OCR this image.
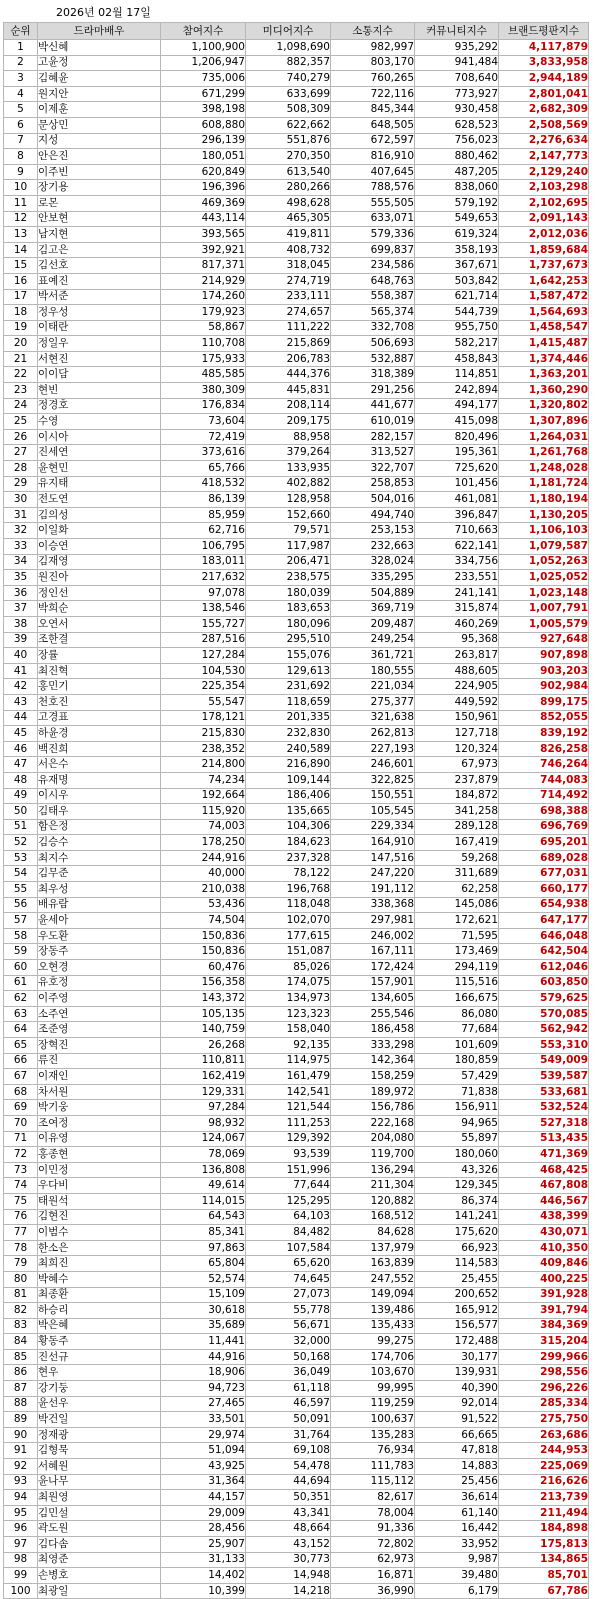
2026년 02월 17일
순위	드라마배우	참여지수	미디어지수	소통지수	커뮤니티지수	브랜드평판지수
1	박신혜	1,100,900	1,098,690	982,997	935,292	4,117,879
2	고윤정	1,206,947	882,357	803,170	941,484	3,833,958
3	김혜윤	735,006	740,279	760,265	708,640	2,944,189
4	원지안	671,299	633,699	722,116	773,927	2,801,041
5	이제훈	398,198	508,309	845,344	930,458	2,682,309
6	문상민	608,880	622,662	648,505	628,523	2,508,569
7	지성	296,139	551,876	672,597	756,023	2,276,634
8	안은진	180,051	270,350	816,910	880,462	2,147,773
9	이주빈	620,849	613,540	407,645	487,205	2,129,240
10	장기용	196,396	280,266	788,576	838,060	2,103,298
11	로몬	469,369	498,628	555,505	579,192	2,102,695
12	안보현	443,114	465,305	633,071	549,653	2,091,143
13	남지현	393,565	419,811	579,336	619,324	2,012,036
14	김고은	392,921	408,732	699,837	358,193	1,859,684
15	김선호	817,371	318,045	234,586	367,671	1,737,673
16	표예진	214,929	274,719	648,763	503,842	1,642,253
17	박서준	174,260	233,111	558,387	621,714	1,587,472
18	정우성	179,923	274,657	565,374	544,739	1,564,693
19	이태란	58,867	111,222	332,708	955,750	1,458,547
20	정일우	110,708	215,869	506,693	582,217	1,415,487
21	서현진	175,933	206,783	532,887	458,843	1,374,446
22	이이담	485,585	444,376	318,389	114,851	1,363,201
23	현빈	380,309	445,831	291,256	242,894	1,360,290
24	정경호	176,834	208,114	441,677	494,177	1,320,802
25	수영	73,604	209,175	610,019	415,098	1,307,896
26	이시아	72,419	88,958	282,157	820,496	1,264,031
27	진세연	373,616	379,264	313,527	195,361	1,261,768
28	윤현민	65,766	133,935	322,707	725,620	1,248,028
29	유지태	418,532	402,882	258,853	101,456	1,181,724
30	전도연	86,139	128,958	504,016	461,081	1,180,194
31	김의성	85,959	152,660	494,740	396,847	1,130,205
32	이일화	62,716	79,571	253,153	710,663	1,106,103
33	이승연	106,795	117,987	232,663	622,141	1,079,587
34	김재영	183,011	206,471	328,024	334,756	1,052,263
35	원진아	217,632	238,575	335,295	233,551	1,025,052
36	정인선	97,078	180,039	504,889	241,141	1,023,148
37	박희순	138,546	183,653	369,719	315,874	1,007,791
38	오연서	155,727	180,096	209,487	460,269	1,005,579
39	조한결	287,516	295,510	249,254	95,368	927,648
40	장률	127,284	155,076	361,721	263,817	907,898
41	최진혁	104,530	129,613	180,555	488,605	903,203
42	홍민기	225,354	231,692	221,034	224,905	902,984
43	천호진	55,547	118,659	275,377	449,592	899,175
44	고경표	178,121	201,335	321,638	150,961	852,055
45	하윤경	215,830	232,830	262,813	127,718	839,192
46	백진희	238,352	240,589	227,193	120,324	826,258
47	서은수	214,800	216,890	246,601	67,973	746,264
48	유재명	74,234	109,144	322,825	237,879	744,083
49	이시우	192,664	186,406	150,551	184,872	714,492
50	김태우	115,920	135,665	105,545	341,258	698,388
51	함은정	74,003	104,306	229,334	289,128	696,769
52	김승수	178,250	184,623	164,910	167,419	695,201
53	최지수	244,916	237,328	147,516	59,268	689,028
54	김무준	40,000	78,122	247,220	311,689	677,031
55	최우성	210,038	196,768	191,112	62,258	660,177
56	배유람	53,436	118,048	338,368	145,086	654,938
57	윤세아	74,504	102,070	297,981	172,621	647,177
58	우도환	150,836	177,615	246,002	71,595	646,048
59	장동주	150,836	151,087	167,111	173,469	642,504
60	오현경	60,476	85,026	172,424	294,119	612,046
61	유호정	156,358	174,075	157,901	115,516	603,850
62	이주영	143,372	134,973	134,605	166,675	579,625
63	소주연	105,135	123,323	255,546	86,080	570,085
64	조준영	140,759	158,040	186,458	77,684	562,942
65	장혁진	26,268	92,135	333,298	101,609	553,310
66	류진	110,811	114,975	142,364	180,859	549,009
67	이재인	162,419	161,479	158,259	57,429	539,587
68	차서원	129,331	142,541	189,972	71,838	533,681
69	박기웅	97,284	121,544	156,786	156,911	532,524
70	조여정	98,932	111,253	222,168	94,965	527,318
71	이유영	124,067	129,392	204,080	55,897	513,435
72	홍종현	78,069	93,539	119,700	180,060	471,369
73	이민정	136,808	151,996	136,294	43,326	468,425
74	우다비	49,614	77,644	211,304	129,345	467,808
75	태원석	114,015	125,295	120,882	86,374	446,567
76	김현진	64,543	64,103	168,512	141,241	438,399
77	이범수	85,341	84,482	84,628	175,620	430,071
78	한소은	97,863	107,584	137,979	66,923	410,350
79	최희진	65,804	65,620	163,839	114,583	409,846
80	박혜수	52,574	74,645	247,552	25,455	400,225
81	최종환	15,109	27,073	149,094	200,652	391,928
82	하승리	30,618	55,778	139,486	165,912	391,794
83	박은혜	35,689	56,671	135,433	156,577	384,369
84	황동주	11,441	32,000	99,275	172,488	315,204
85	진선규	44,916	50,168	174,706	30,177	299,966
86	현우	18,906	36,049	103,670	139,931	298,556
87	강기둥	94,723	61,118	99,995	40,390	296,226
88	윤선우	27,465	46,597	119,259	92,014	285,334
89	박건일	33,501	50,091	100,637	91,522	275,750
90	정재광	29,974	31,764	135,283	66,665	263,686
91	김형묵	51,094	69,108	76,934	47,818	244,953
92	서혜원	43,925	54,478	111,783	14,883	225,069
93	윤나무	31,364	44,694	115,112	25,456	216,626
94	최원영	44,157	50,351	82,617	36,614	213,739
95	김민설	29,009	43,341	78,004	61,140	211,494
96	곽도원	28,456	48,664	91,336	16,442	184,898
97	김다솜	25,907	43,152	72,802	33,952	175,813
98	최영준	31,133	30,773	62,973	9,987	134,865
99	손병호	14,402	14,948	16,871	39,480	85,701
100	최광일	10,399	14,218	36,990	6,179	67,786
